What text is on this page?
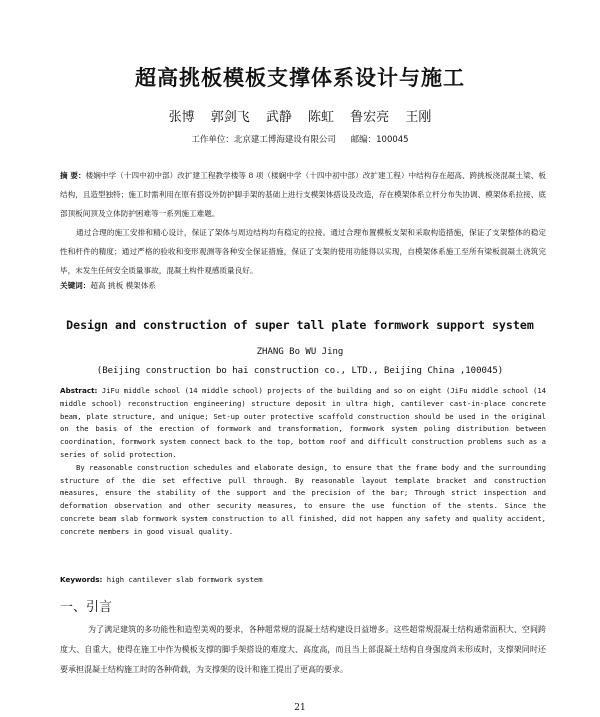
超高挑板模板支撑体系设计与施工
张博 郭剑飞 武静 陈虹 鲁宏亮 王刚
工作单位：北京建工博海建设有限公司 邮编：100045

摘 要：楼娴中学（十四中初中部）改扩建工程教学楼等 8 项（楼娴中学（十四中初中部）改扩建工程）中结构存在超高、跨挑板浇混凝土梁、板结构，且造型独特；施工时需利用在原有搭设外防护脚手架的基础上进行支模架体搭设及改造，存在模架体系立杆分布失协调、模架体系拉接、底部顶板间顶及立体防护困难等一系列施工难题。

通过合理的施工安排和精心设计，保证了架体与周边结构均有稳定的拉接。通过合理布置模板支架和采取构造措施，保证了支架整体的稳定性和杆件的精度；通过严格的验收和变形观测等各种安全保证措施，保证了支架的使用功能得以实现，自模架体系施工至所有梁板混凝土浇筑完毕，未发生任何安全质量事故，混凝土构件观感质量良好。

关键词：超高 挑板 模架体系
Design and construction of super tall plate formwork support system
ZHANG Bo WU Jing
(Beijing construction bo hai construction co., LTD., Beijing China ,100045)

Abstract: JiFu middle school (14 middle school) projects of the building and so on eight (JiFu middle school (14 middle school) reconstruction engineering) structure deposit in ultra high, cantilever cast-in-place concrete beam, plate structure, and unique; Set-up outer protective scaffold construction should be used in the original on the basis of the erection of formwork and transformation, formwork system poling distribution between coordination, formwork system connect back to the top, bottom roof and difficult construction problems such as a series of solid protection.

By reasonable construction schedules and elaborate design, to ensure that the frame body and the surrounding structure of the die set effective pull through. By reasonable layout template bracket and construction measures, ensure the stability of the support and the precision of the bar; Through strict inspection and deformation observation and other security measures, to ensure the use function of the stents. Since the concrete beam slab formwork system construction to all finished, did not happen any safety and quality accident, concrete members in good visual quality.

Keywords: high cantilever slab formwork system
一、引言

为了满足建筑的多功能性和造型美观的要求，各种超常规的混凝土结构建设日益增多。这些超常规混凝土结构通常面积大、空间跨度大、自重大，使得在施工中作为模板支撑的脚手架搭设的难度大、高度高，而且当上部混凝土结构自身强度尚未形成时，支撑架同时还要承担混凝土结构施工时的各种荷载，为支撑架的设计和施工提出了更高的要求。

21
